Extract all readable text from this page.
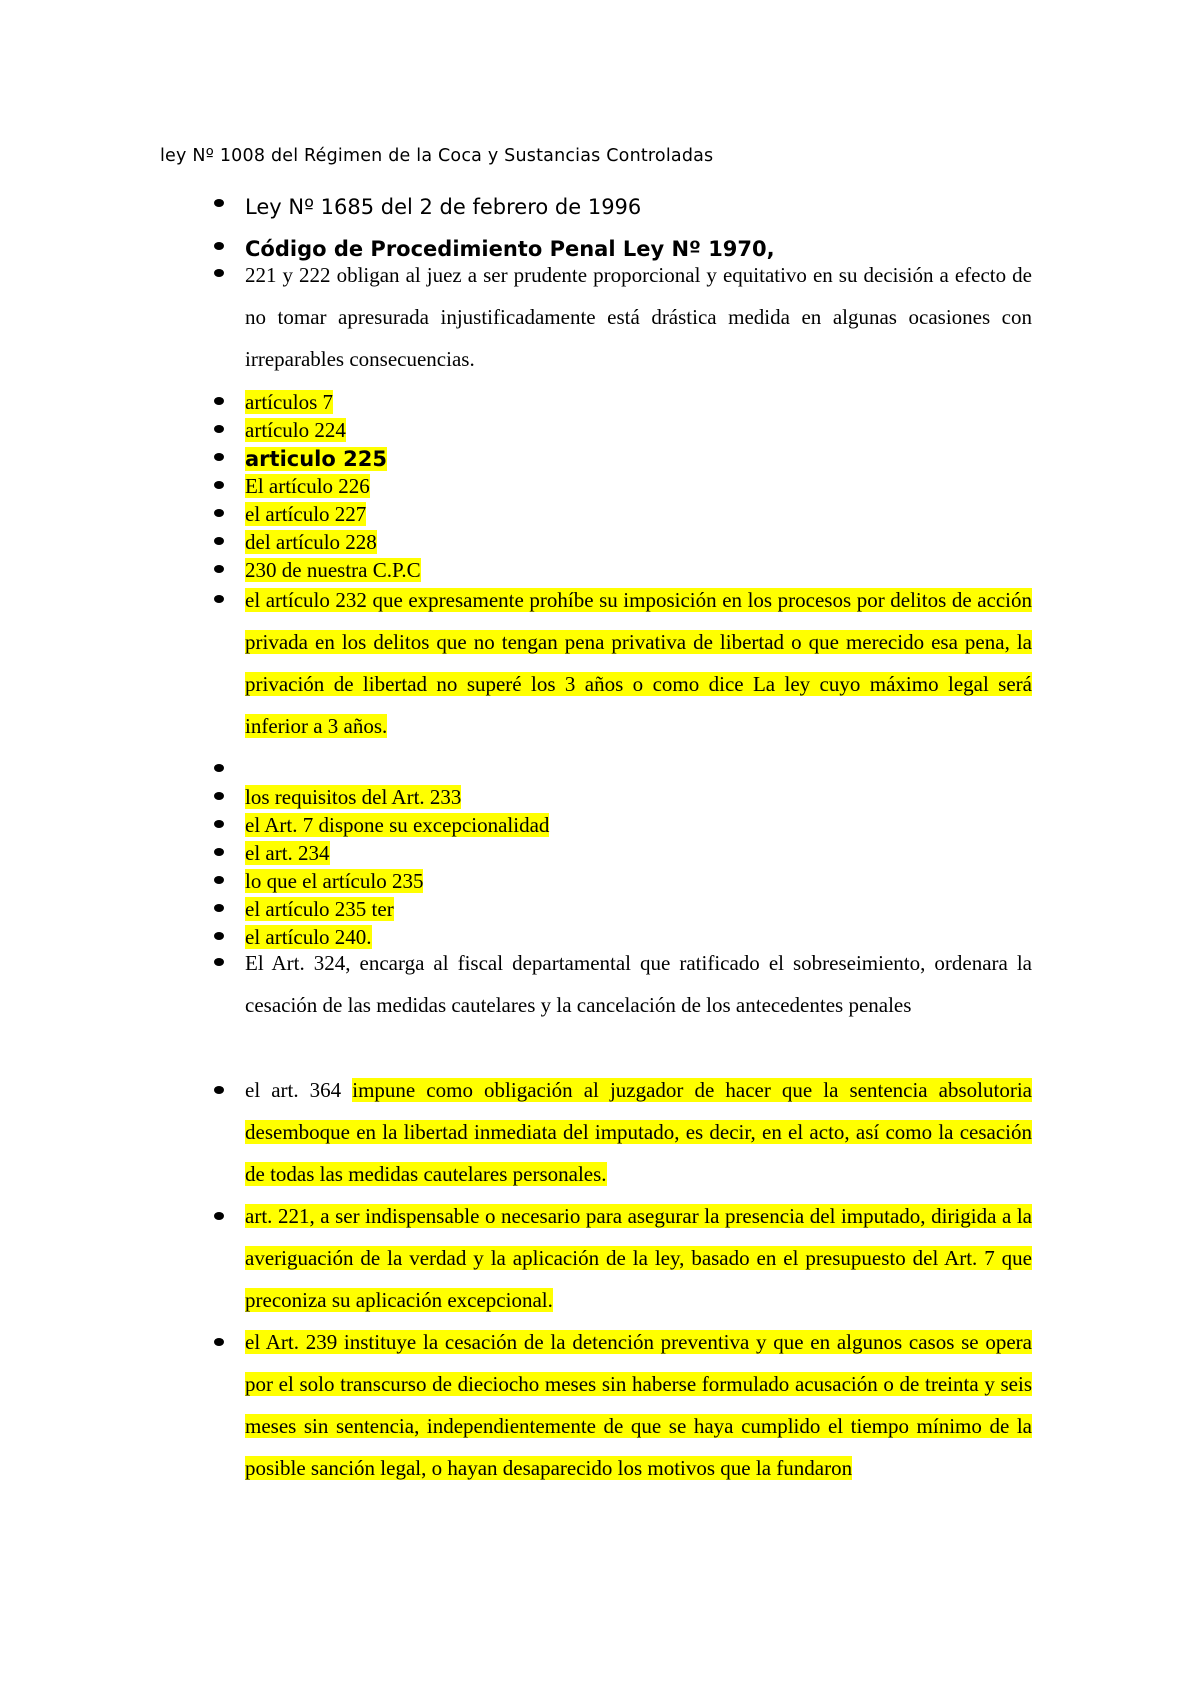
ley Nº 1008 del Régimen de la Coca y Sustancias Controladas
Ley Nº 1685 del 2 de febrero de 1996
Código de Procedimiento Penal Ley Nº 1970,
221 y 222 obligan al juez a ser prudente proporcional y equitativo en su decisión a efecto de no tomar apresurada injustificadamente está drástica medida en algunas ocasiones con irreparables consecuencias.
artículos 7
artículo 224
articulo 225
El artículo 226
el artículo 227
del artículo 228
230 de nuestra C.P.C
el artículo 232 que expresamente prohíbe su imposición en los procesos por delitos de acción privada en los delitos que no tengan pena privativa de libertad o que merecido esa pena, la privación de libertad no superé los 3 años o como dice La ley cuyo máximo legal será inferior a 3 años.
los requisitos del Art. 233
el Art. 7 dispone su excepcionalidad
el art. 234
lo que el artículo 235
el artículo 235 ter
el artículo 240.
El Art. 324, encarga al fiscal departamental que ratificado el sobreseimiento, ordenara la cesación de las medidas cautelares y la cancelación de los antecedentes penales
el art. 364 impune como obligación al juzgador de hacer que la sentencia absolutoria desemboque en la libertad inmediata del imputado, es decir, en el acto, así como la cesación de todas las medidas cautelares personales.
art. 221, a ser indispensable o necesario para asegurar la presencia del imputado, dirigida a la averiguación de la verdad y la aplicación de la ley, basado en el presupuesto del Art. 7 que preconiza su aplicación excepcional.
el Art. 239 instituye la cesación de la detención preventiva y que en algunos casos se opera por el solo transcurso de dieciocho meses sin haberse formulado acusación o de treinta y seis meses sin sentencia, independientemente de que se haya cumplido el tiempo mínimo de la posible sanción legal, o hayan desaparecido los motivos que la fundaron
